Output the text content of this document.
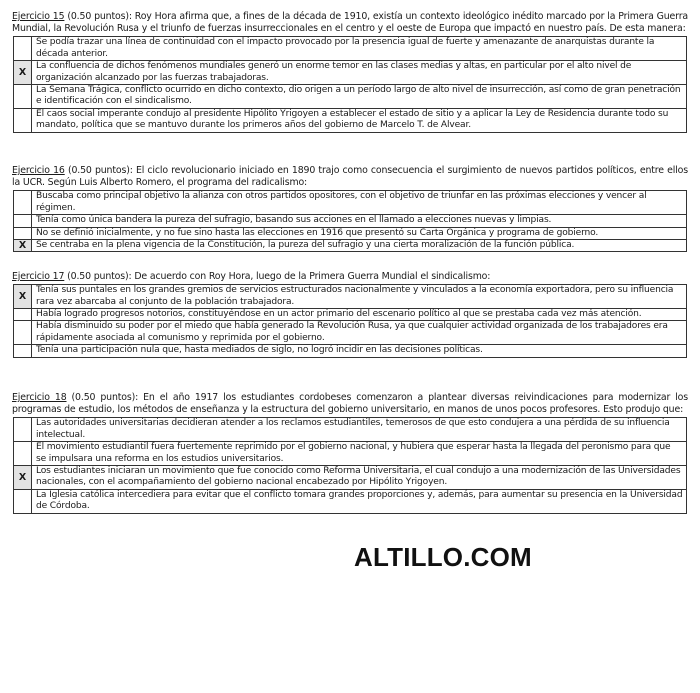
Ejercicio 15 (0.50 puntos): Roy Hora afirma que, a fines de la década de 1910, existía un contexto ideológico inédito marcado por la Primera Guerra Mundial, la Revolución Rusa y el triunfo de fuerzas insurreccionales en el centro y el oeste de Europa que impactó en nuestro país. De esta manera:

	Se podía trazar una línea de continuidad con el impacto provocado por la presencia igual de fuerte y amenazante de anarquistas durante la década anterior.
X	La confluencia de dichos fenómenos mundiales generó un enorme temor en las clases medias y altas, en particular por el alto nivel de organización alcanzado por las fuerzas trabajadoras.
	La Semana Trágica, conflicto ocurrido en dicho contexto, dio origen a un período largo de alto nivel de insurrección, así como de gran penetración e identificación con el sindicalismo.
	El caos social imperante condujo al presidente Hipólito Yrigoyen a establecer el estado de sitio y a aplicar la Ley de Residencia durante todo su mandato, política que se mantuvo durante los primeros años del gobierno de Marcelo T. de Alvear.

Ejercicio 16 (0.50 puntos): El ciclo revolucionario iniciado en 1890 trajo como consecuencia el surgimiento de nuevos partidos políticos, entre ellos la UCR. Según Luis Alberto Romero, el programa del radicalismo:

	Buscaba como principal objetivo la alianza con otros partidos opositores, con el objetivo de triunfar en las próximas elecciones y vencer al régimen.
	Tenía como única bandera la pureza del sufragio, basando sus acciones en el llamado a elecciones nuevas y limpias.
	No se definió inicialmente, y no fue sino hasta las elecciones en 1916 que presentó su Carta Orgánica y programa de gobierno.
X	Se centraba en la plena vigencia de la Constitución, la pureza del sufragio y una cierta moralización de la función pública.

Ejercicio 17 (0.50 puntos): De acuerdo con Roy Hora, luego de la Primera Guerra Mundial el sindicalismo:

X	Tenía sus puntales en los grandes gremios de servicios estructurados nacionalmente y vinculados a la economía exportadora, pero su influencia rara vez abarcaba al conjunto de la población trabajadora.
	Había logrado progresos notorios, constituyéndose en un actor primario del escenario político al que se prestaba cada vez más atención.
	Había disminuido su poder por el miedo que había generado la Revolución Rusa, ya que cualquier actividad organizada de los trabajadores era rápidamente asociada al comunismo y reprimida por el gobierno.
	Tenía una participación nula que, hasta mediados de siglo, no logró incidir en las decisiones políticas.

Ejercicio 18 (0.50 puntos): En el año 1917 los estudiantes cordobeses comenzaron a plantear diversas reivindicaciones para modernizar los programas de estudio, los métodos de enseñanza y la estructura del gobierno universitario, en manos de unos pocos profesores. Esto produjo que:

	Las autoridades universitarias decidieran atender a los reclamos estudiantiles, temerosos de que esto condujera a una pérdida de su influencia intelectual.
	El movimiento estudiantil fuera fuertemente reprimido por el gobierno nacional, y hubiera que esperar hasta la llegada del peronismo para que se impulsara una reforma en los estudios universitarios.
X	Los estudiantes iniciaran un movimiento que fue conocido como Reforma Universitaria, el cual condujo a una modernización de las Universidades nacionales, con el acompañamiento del gobierno nacional encabezado por Hipólito Yrigoyen.
	La Iglesia católica intercediera para evitar que el conflicto tomara grandes proporciones y, además, para aumentar su presencia en la Universidad de Córdoba.
ALTILLO.COM
